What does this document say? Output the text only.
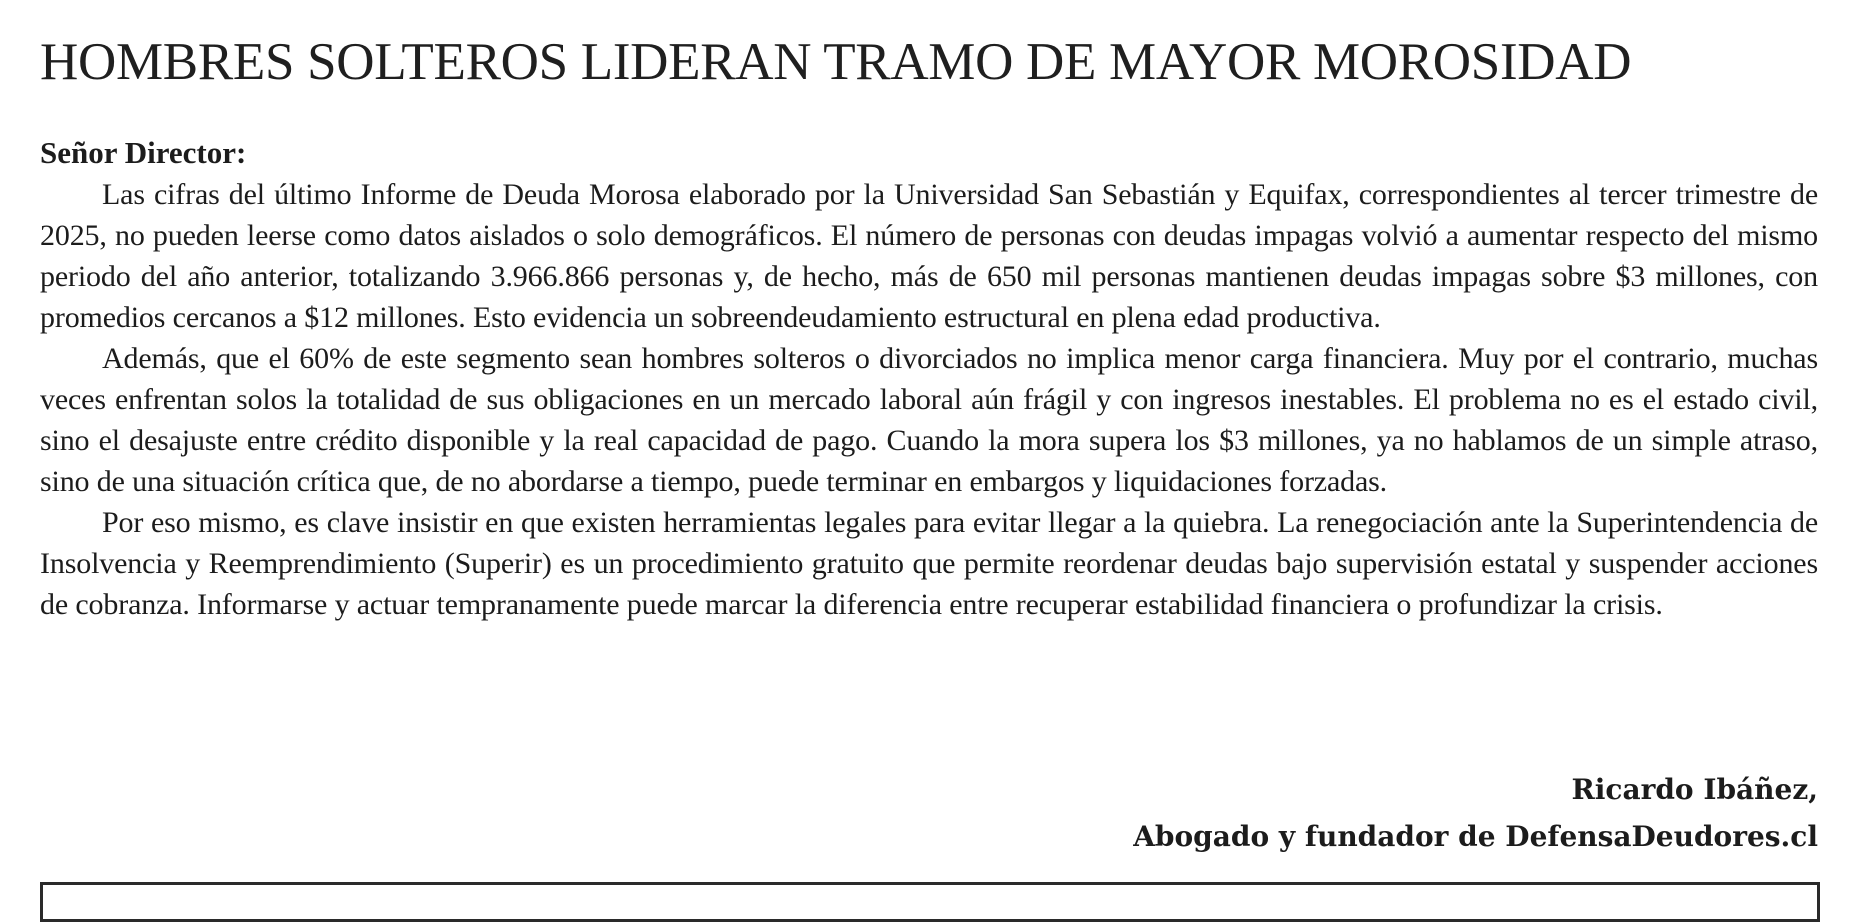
HOMBRES SOLTEROS LIDERAN TRAMO DE MAYOR MOROSIDAD
Señor Director:

Las cifras del último Informe de Deuda Morosa elaborado por la Universidad San Sebastián y Equifax, correspondientes al tercer trimestre de 2025, no pueden leerse como datos aislados o solo demográficos. El número de personas con deudas impagas volvió a aumentar respecto del mismo periodo del año anterior, totalizando 3.966.866 personas y, de hecho, más de 650 mil personas mantienen deudas impagas sobre $3 millones, con promedios cercanos a $12 millones. Esto evidencia un sobreendeudamiento estructural en plena edad productiva.

Además, que el 60% de este segmento sean hombres solteros o divorciados no implica menor carga financiera. Muy por el contrario, muchas veces enfrentan solos la totalidad de sus obligaciones en un mercado laboral aún frágil y con ingresos inestables. El problema no es el estado civil, sino el desajuste entre crédito disponible y la real capacidad de pago. Cuando la mora supera los $3 millones, ya no hablamos de un simple atraso, sino de una situación crítica que, de no abordarse a tiempo, puede terminar en embargos y liquidaciones forzadas.

Por eso mismo, es clave insistir en que existen herramientas legales para evitar llegar a la quiebra. La renegociación ante la Superintendencia de Insolvencia y Reemprendimiento (Superir) es un procedimiento gratuito que permite reordenar deudas bajo supervisión estatal y suspender acciones de cobranza. Informarse y actuar tempranamente puede marcar la diferencia entre recuperar estabilidad financiera o profundizar la crisis.

Ricardo Ibáñez,
Abogado y fundador de DefensaDeudores.cl
